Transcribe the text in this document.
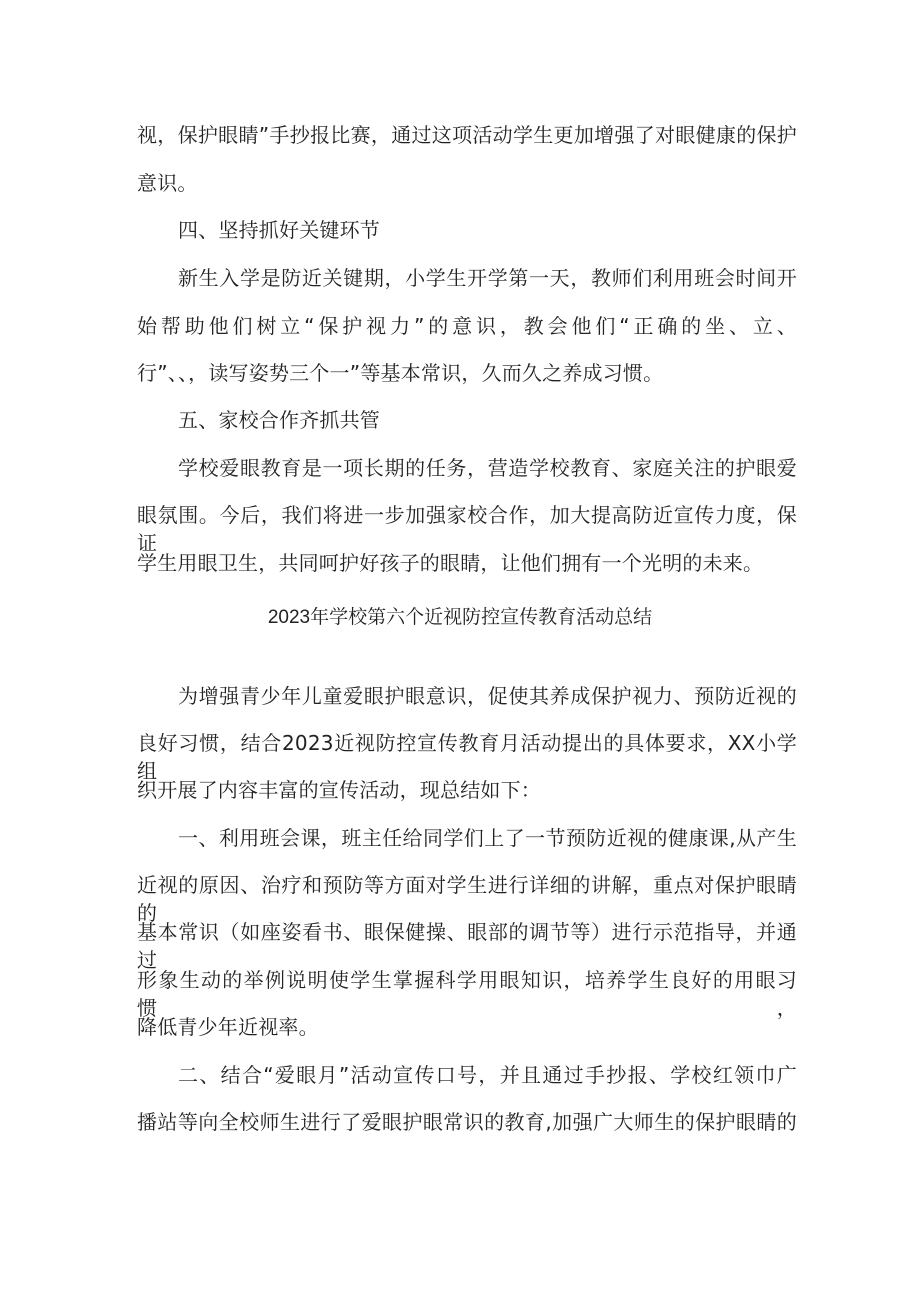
视，保护眼睛”手抄报比赛，通过这项活动学生更加增强了对眼健康的保护
意识。
四、坚持抓好关键环节
新生入学是防近关键期，小学生开学第一天，教师们利用班会时间开
始帮助他们树立“保护视力”的意识，教会他们“正确的坐、立、
行”、、，读写姿势三个一”等基本常识，久而久之养成习惯。
五、家校合作齐抓共管
学校爱眼教育是一项长期的任务，营造学校教育、家庭关注的护眼爱
眼氛围。今后，我们将进一步加强家校合作，加大提高防近宣传力度，保证
学生用眼卫生，共同呵护好孩子的眼睛，让他们拥有一个光明的未来。
2023年学校第六个近视防控宣传教育活动总结
为增强青少年儿童爱眼护眼意识，促使其养成保护视力、预防近视的
良好习惯，结合2023近视防控宣传教育月活动提出的具体要求，XX小学组
织开展了内容丰富的宣传活动，现总结如下：
一、利用班会课，班主任给同学们上了一节预防近视的健康课,从产生
近视的原因、治疗和预防等方面对学生进行详细的讲解，重点对保护眼睛的
基本常识（如座姿看书、眼保健操、眼部的调节等）进行示范指导，并通过
形象生动的举例说明使学生掌握科学用眼知识，培养学生良好的用眼习惯，
降低青少年近视率。
二、结合“爱眼月”活动宣传口号，并且通过手抄报、学校红领巾广
播站等向全校师生进行了爱眼护眼常识的教育,加强广大师生的保护眼睛的
